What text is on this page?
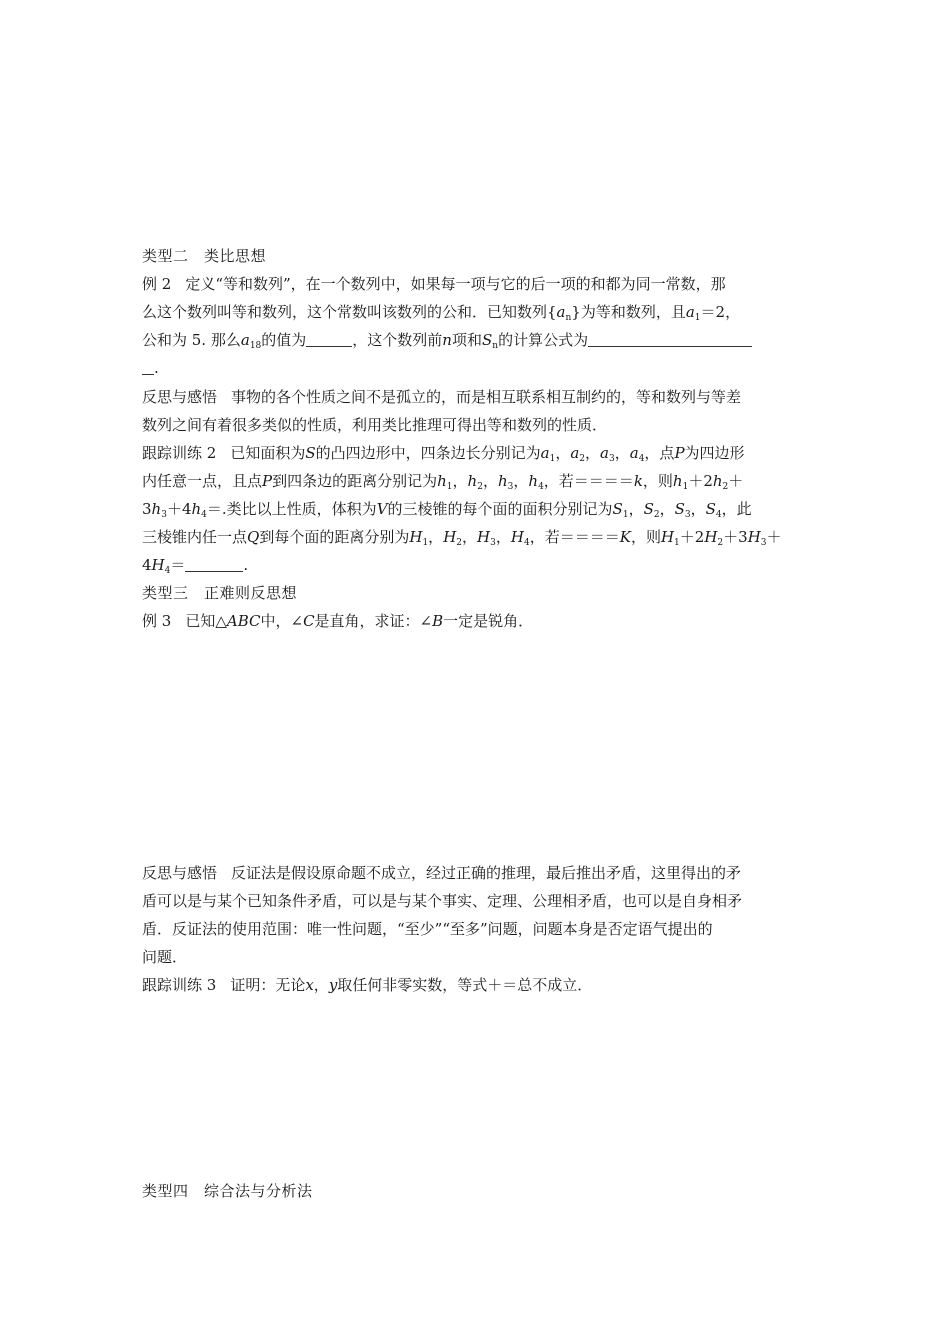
类型二　类比思想
例 2 定义“等和数列”，在一个数列中，如果每一项与它的后一项的和都为同一常数，那
么这个数列叫等和数列，这个常数叫该数列的公和．已知数列$\{a_n\}$为等和数列，且$a_1=2$，
公和为 5. 那么$a_{18}$的值为	，这个数列前n项和$S_n$的计算公式为
.
反思与感悟 事物的各个性质之间不是孤立的，而是相互联系相互制约的，等和数列与等差
数列之间有着很多类似的性质，利用类比推理可得出等和数列的性质．
跟踪训练 2 已知面积为S的凸四边形中，四条边长分别记为$a_1$，$a_2$，$a_3$，$a_4$，点P为四边形
内任意一点，且点P到四条边的距离分别记为$h_1$，$h_2$，$h_3$，$h_4$，若＝＝＝＝k，则$h_1+2h_2+$
$3h_3+4h_4=$.类比以上性质，体积为V的三棱锥的每个面的面积分别记为$S_1$，$S_2$，$S_3$，$S_4$，此
三棱锥内任一点Q到每个面的距离分别为$H_1$，$H_2$，$H_3$，$H_4$，若＝＝＝＝K，则$H_1+2H_2+3H_3+$
$4H_4=$	.
类型三　正难则反思想
例 3 已知△ABC中，∠C是直角，求证：∠B一定是锐角．
反思与感悟 反证法是假设原命题不成立，经过正确的推理，最后推出矛盾，这里得出的矛
盾可以是与某个已知条件矛盾，可以是与某个事实、定理、公理相矛盾，也可以是自身相矛
盾．反证法的使用范围：唯一性问题，“至少”“至多”问题，问题本身是否定语气提出的
问题．
跟踪训练 3 证明：无论x，y取任何非零实数，等式＋＝总不成立．
类型四　综合法与分析法
